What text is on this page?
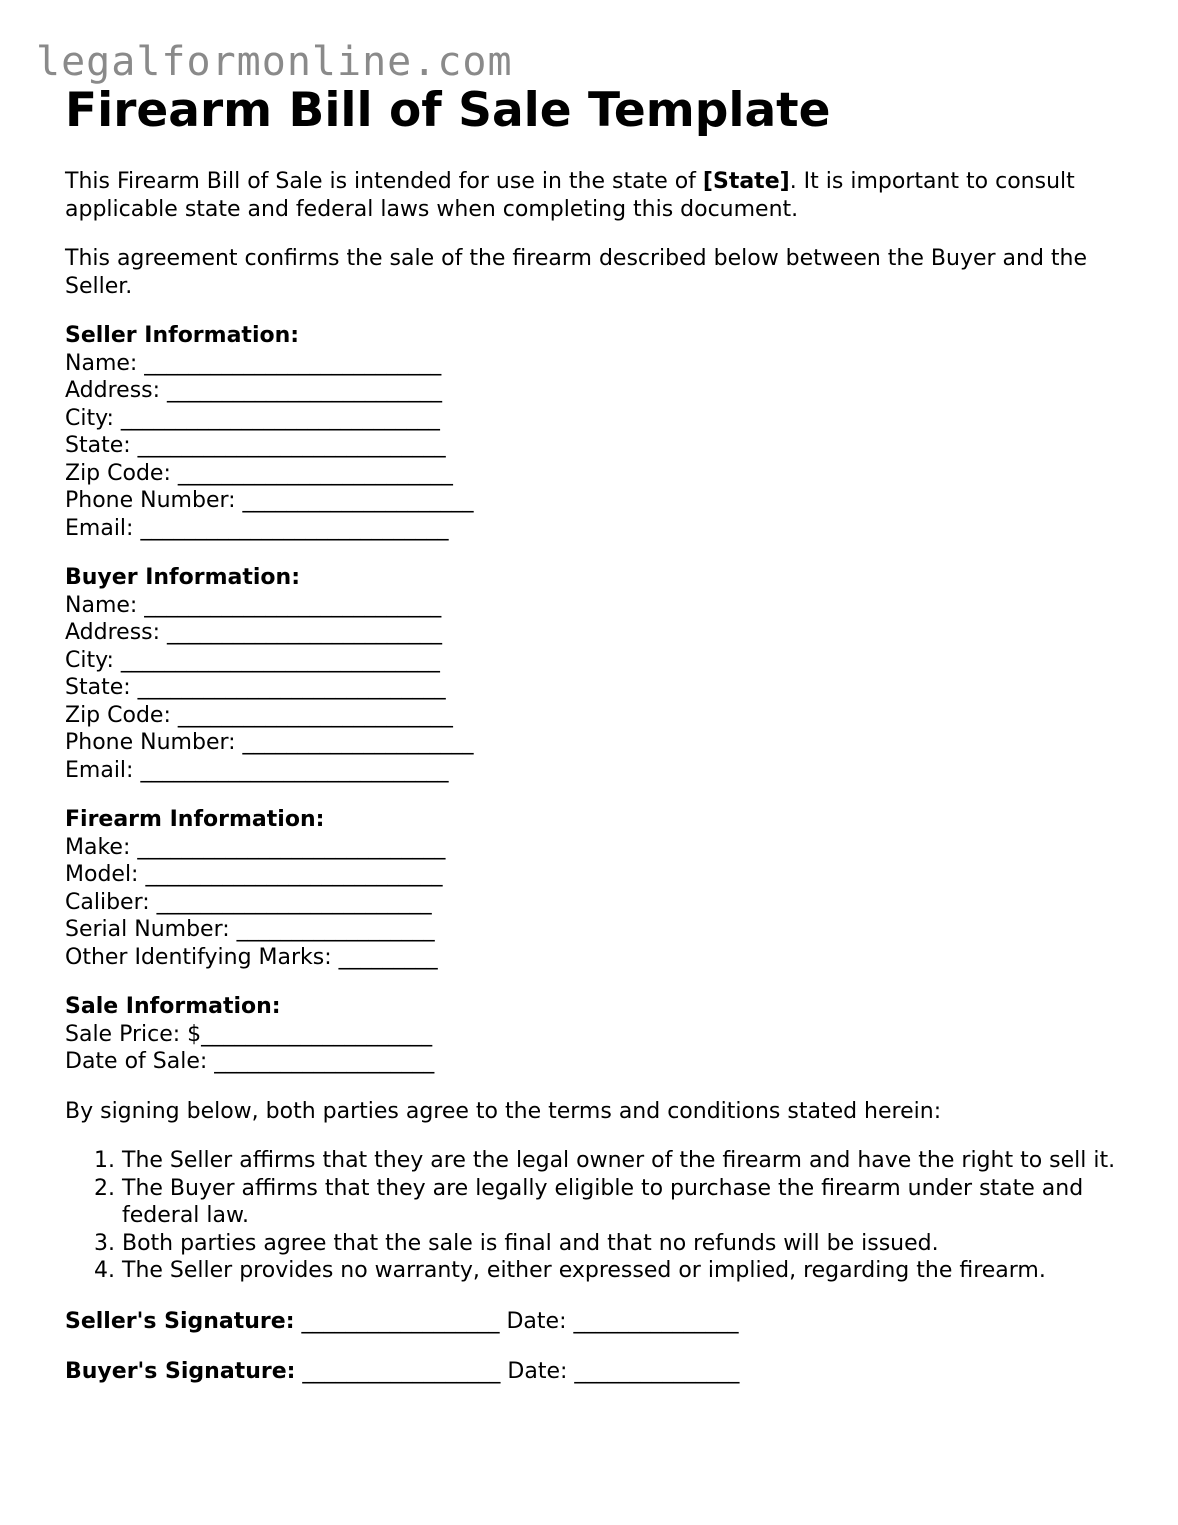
legalformonline.com
Firearm Bill of Sale Template

This Firearm Bill of Sale is intended for use in the state of [State]. It is important to consult applicable state and federal laws when completing this document.

This agreement confirms the sale of the firearm described below between the Buyer and the Seller.

Seller Information:
Name: ___________________________
Address: _________________________
City: _____________________________
State: ____________________________
Zip Code: _________________________
Phone Number: _____________________
Email: ____________________________
Buyer Information:
Name: ___________________________
Address: _________________________
City: _____________________________
State: ____________________________
Zip Code: _________________________
Phone Number: _____________________
Email: ____________________________
Firearm Information:
Make: ____________________________
Model: ___________________________
Caliber: _________________________
Serial Number: __________________
Other Identifying Marks: _________
Sale Information:
Sale Price: $_____________________
Date of Sale: ____________________

By signing below, both parties agree to the terms and conditions stated herein:

1. The Seller affirms that they are the legal owner of the firearm and have the right to sell it.
2. The Buyer affirms that they are legally eligible to purchase the firearm under state and federal law.
3. Both parties agree that the sale is final and that no refunds will be issued.
4. The Seller provides no warranty, either expressed or implied, regarding the firearm.
Seller's Signature: __________________ Date: _______________
Buyer's Signature: __________________ Date: _______________
